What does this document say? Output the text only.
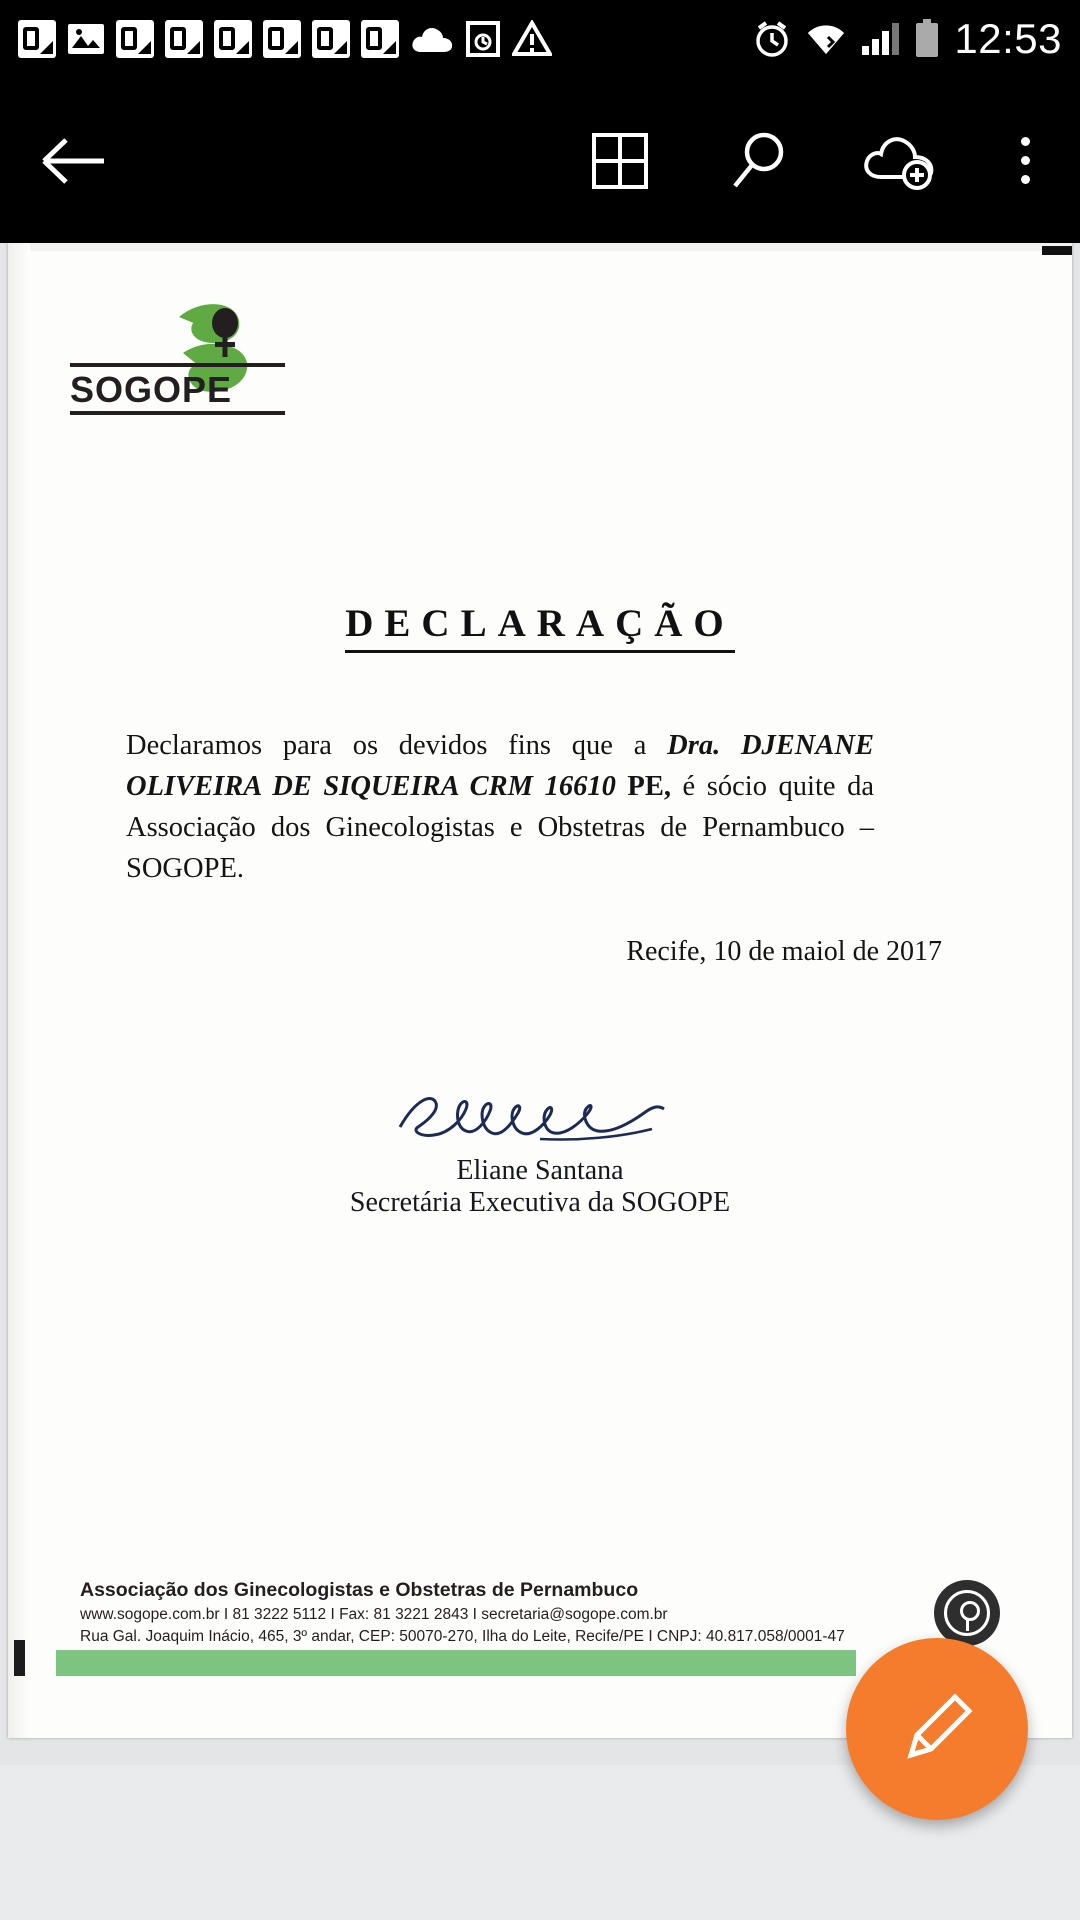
12:53
SOGOPE
DECLARAÇÃO
Declaramos para os devidos fins que a Dra. DJENANE OLIVEIRA DE SIQUEIRA CRM 16610 PE, é sócio quite da Associação dos Ginecologistas e Obstetras de Pernambuco – SOGOPE.
Recife, 10 de maiol de 2017
Eliane Santana
Secretária Executiva da SOGOPE
Associação dos Ginecologistas e Obstetras de Pernambuco
www.sogope.com.br I 81 3222 5112 I Fax: 81 3221 2843 I secretaria@sogope.com.br
Rua Gal. Joaquim Inácio, 465, 3º andar, CEP: 50070-270, Ilha do Leite, Recife/PE I CNPJ: 40.817.058/0001-47
